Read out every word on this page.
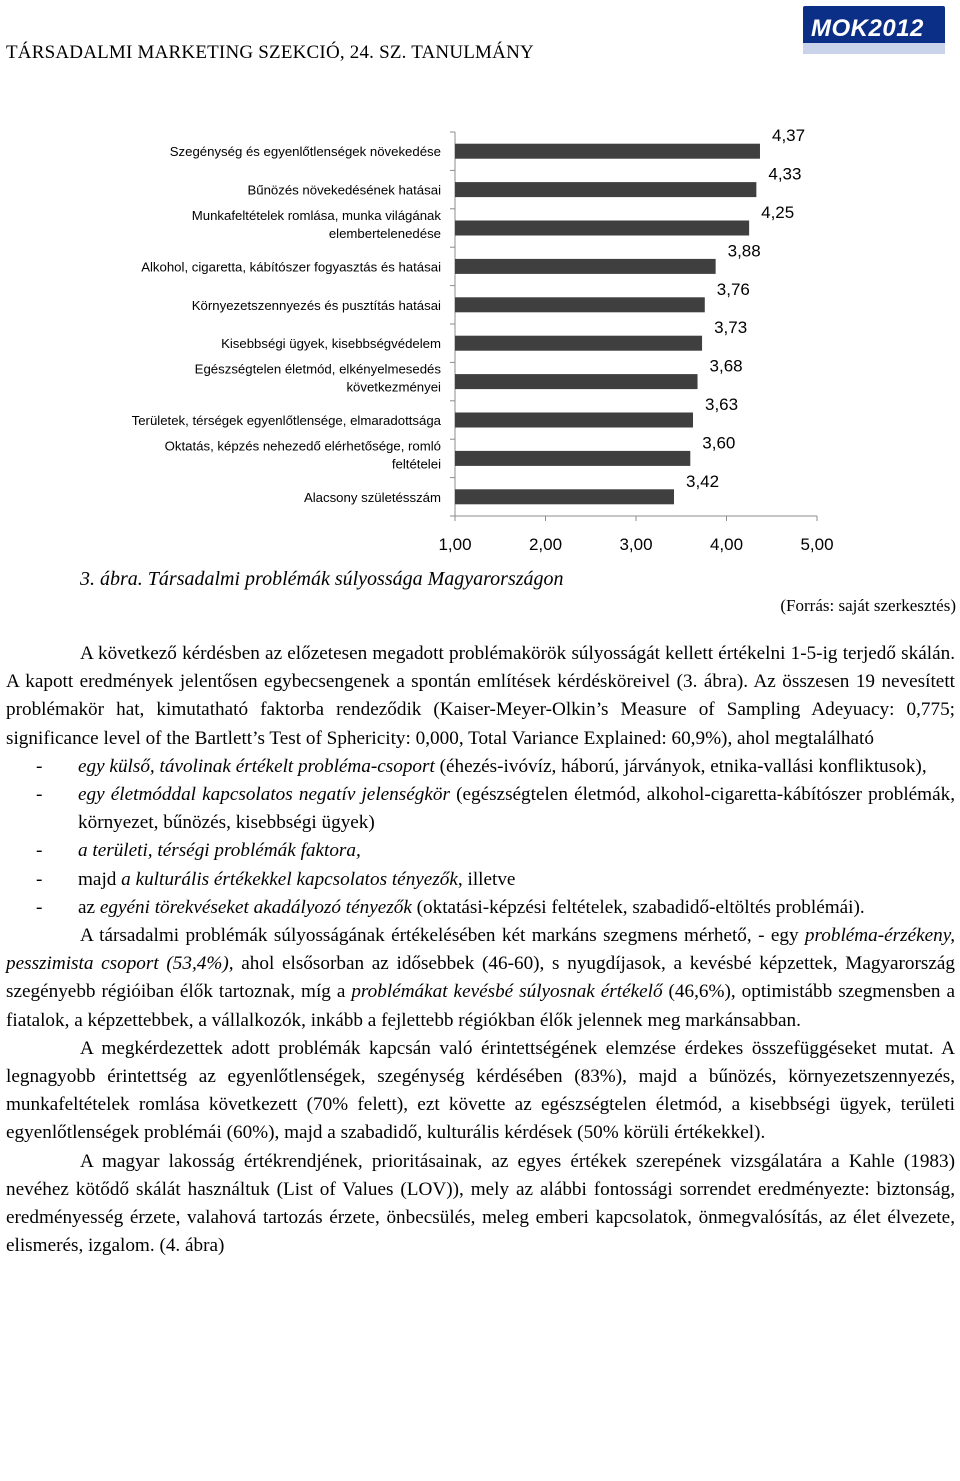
TÁRSADALMI MARKETING SZEKCIÓ, 24. SZ. TANULMÁNY
MOK2012
1,00	2,00	3,00	4,00	5,00
4,37
Szegénység és egyenlőtlenségek növekedése
4,33
Bűnözés növekedésének hatásai
4,25
Munkafeltételek romlása, munka világának elembertelenedése
3,88
Alkohol, cigaretta, kábítószer fogyasztás és hatásai
3,76
Környezetszennyezés és pusztítás hatásai
3,73
Kisebbségi ügyek, kisebbségvédelem
3,68
Egészségtelen életmód, elkényelmesedés következményei
3,63
Területek, térségek egyenlőtlensége, elmaradottsága
3,60
Oktatás, képzés nehezedő elérhetősége, romló feltételei
3,42
Alacsony születésszám
3. ábra. Társadalmi problémák súlyossága Magyarországon
(Forrás: saját szerkesztés)

A következő kérdésben az előzetesen megadott problémakörök súlyosságát kellett értékelni 1-5-ig terjedő skálán. A kapott eredmények jelentősen egybecsengenek a spontán említések kérdésköreivel (3. ábra). Az összesen 19 nevesített problémakör hat, kimutatható faktorba rendeződik (Kaiser-Meyer-Olkin’s Measure of Sampling Adeyuacy: 0,775; significance level of the Bartlett’s Test of Sphericity: 0,000, Total Variance Explained: 60,9%), ahol megtalálható

- egy külső, távolinak értékelt probléma-csoport (éhezés-ivóvíz, háború, járványok, etnika-vallási konfliktusok),
- egy életmóddal kapcsolatos negatív jelenségkör (egészségtelen életmód, alkohol-cigaretta-kábítószer problémák, környezet, bűnözés, kisebbségi ügyek)
- a területi, térségi problémák faktora,
- majd a kulturális értékekkel kapcsolatos tényezők, illetve
- az egyéni törekvéseket akadályozó tényezők (oktatási-képzési feltételek, szabadidő-eltöltés problémái).

A társadalmi problémák súlyosságának értékelésében két markáns szegmens mérhető, - egy probléma-érzékeny, pesszimista csoport (53,4%), ahol elsősorban az idősebbek (46-60), s nyugdíjasok, a kevésbé képzettek, Magyarország szegényebb régióiban élők tartoznak, míg a problémákat kevésbé súlyosnak értékelő (46,6%), optimistább szegmensben a fiatalok, a képzettebbek, a vállalkozók, inkább a fejlettebb régiókban élők jelennek meg markánsabban.

A megkérdezettek adott problémák kapcsán való érintettségének elemzése érdekes összefüggéseket mutat. A legnagyobb érintettség az egyenlőtlenségek, szegénység kérdésében (83%), majd a bűnözés, környezetszennyezés, munkafeltételek romlása következett (70% felett), ezt követte az egészségtelen életmód, a kisebbségi ügyek, területi egyenlőtlenségek problémái (60%), majd a szabadidő, kulturális kérdések (50% körüli értékekkel).

A magyar lakosság értékrendjének, prioritásainak, az egyes értékek szerepének vizsgálatára a Kahle (1983) nevéhez kötődő skálát használtuk (List of Values (LOV)), mely az alábbi fontossági sorrendet eredményezte: biztonság, eredményesség érzete, valahová tartozás érzete, önbecsülés, meleg emberi kapcsolatok, önmegvalósítás, az élet élvezete, elismerés, izgalom. (4. ábra)
